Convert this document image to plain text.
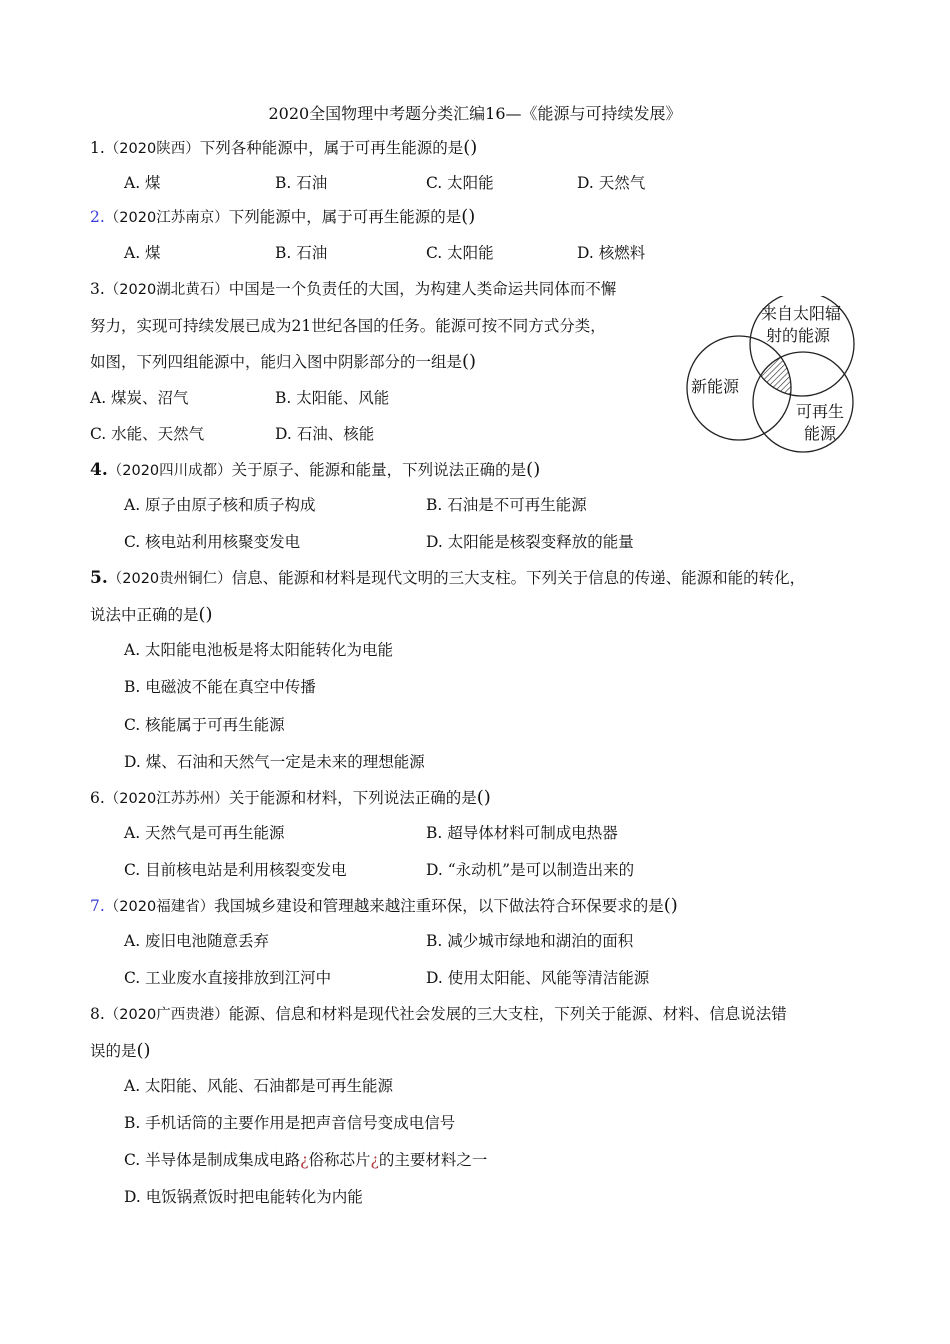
2020全国物理中考题分类汇编16—《能源与可持续发展》
1.（2020陕西）下列各种能源中，属于可再生能源的是()
A. 煤	B. 石油	C. 太阳能	D. 天然气
2.（2020江苏南京）下列能源中，属于可再生能源的是()
A. 煤	B. 石油	C. 太阳能	D. 核燃料
3.（2020湖北黄石）中国是一个负责任的大国，为构建人类命运共同体而不懈
努力，实现可持续发展已成为21世纪各国的任务。能源可按不同方式分类，
如图，下列四组能源中，能归入图中阴影部分的一组是()
A. 煤炭、沼气	B. 太阳能、风能
C. 水能、天然气	D. 石油、核能
来自太阳辐
射的能源
新能源
可再生
能源
4.（2020四川成都）关于原子、能源和能量，下列说法正确的是()
A. 原子由原子核和质子构成	B. 石油是不可再生能源
C. 核电站利用核聚变发电	D. 太阳能是核裂变释放的能量
5.（2020贵州铜仁）信息、能源和材料是现代文明的三大支柱。下列关于信息的传递、能源和能的转化，
说法中正确的是()
A. 太阳能电池板是将太阳能转化为电能
B. 电磁波不能在真空中传播
C. 核能属于可再生能源
D. 煤、石油和天然气一定是未来的理想能源
6.（2020江苏苏州）关于能源和材料，下列说法正确的是()
A. 天然气是可再生能源	B. 超导体材料可制成电热器
C. 目前核电站是利用核裂变发电	D. “永动机”是可以制造出来的
7.（2020福建省）我国城乡建设和管理越来越注重环保，以下做法符合环保要求的是()
A. 废旧电池随意丢弃	B. 减少城市绿地和湖泊的面积
C. 工业废水直接排放到江河中	D. 使用太阳能、风能等清洁能源
8.（2020广西贵港）能源、信息和材料是现代社会发展的三大支柱，下列关于能源、材料、信息说法错
误的是()
A. 太阳能、风能、石油都是可再生能源
B. 手机话筒的主要作用是把声音信号变成电信号
C. 半导体是制成集成电路¿俗称芯片¿的主要材料之一
D. 电饭锅煮饭时把电能转化为内能
